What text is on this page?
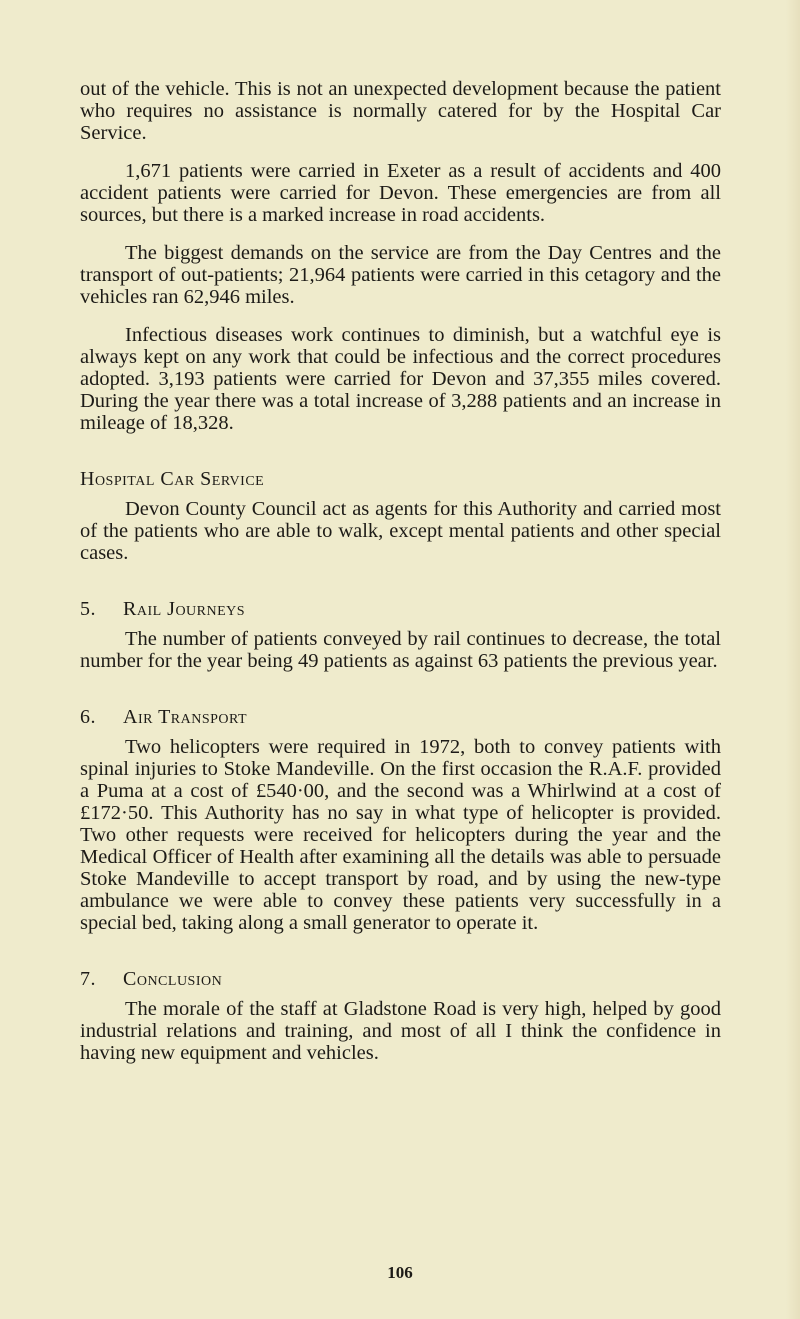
out of the vehicle. This is not an unexpected development because the patient who requires no assistance is normally catered for by the Hospital Car Service.

1,671 patients were carried in Exeter as a result of accidents and 400 accident patients were carried for Devon. These emergencies are from all sources, but there is a marked increase in road accidents.

The biggest demands on the service are from the Day Centres and the transport of out-patients; 21,964 patients were carried in this cetagory and the vehicles ran 62,946 miles.

Infectious diseases work continues to diminish, but a watchful eye is always kept on any work that could be infectious and the correct procedures adopted. 3,193 patients were carried for Devon and 37,355 miles covered. During the year there was a total increase of 3,288 patients and an increase in mileage of 18,328.

Hospital Car Service

Devon County Council act as agents for this Authority and carried most of the patients who are able to walk, except mental patients and other special cases.

5. Rail Journeys

The number of patients conveyed by rail continues to decrease, the total number for the year being 49 patients as against 63 patients the previous year.

6. Air Transport

Two helicopters were required in 1972, both to convey patients with spinal injuries to Stoke Mandeville. On the first occasion the R.A.F. provided a Puma at a cost of £540·00, and the second was a Whirlwind at a cost of £172·50. This Authority has no say in what type of helicopter is provided. Two other requests were received for helicopters during the year and the Medical Officer of Health after examining all the details was able to persuade Stoke Mandeville to accept transport by road, and by using the new-type ambulance we were able to convey these patients very successfully in a special bed, taking along a small generator to operate it.

7. Conclusion

The morale of the staff at Gladstone Road is very high, helped by good industrial relations and training, and most of all I think the confidence in having new equipment and vehicles.

106
